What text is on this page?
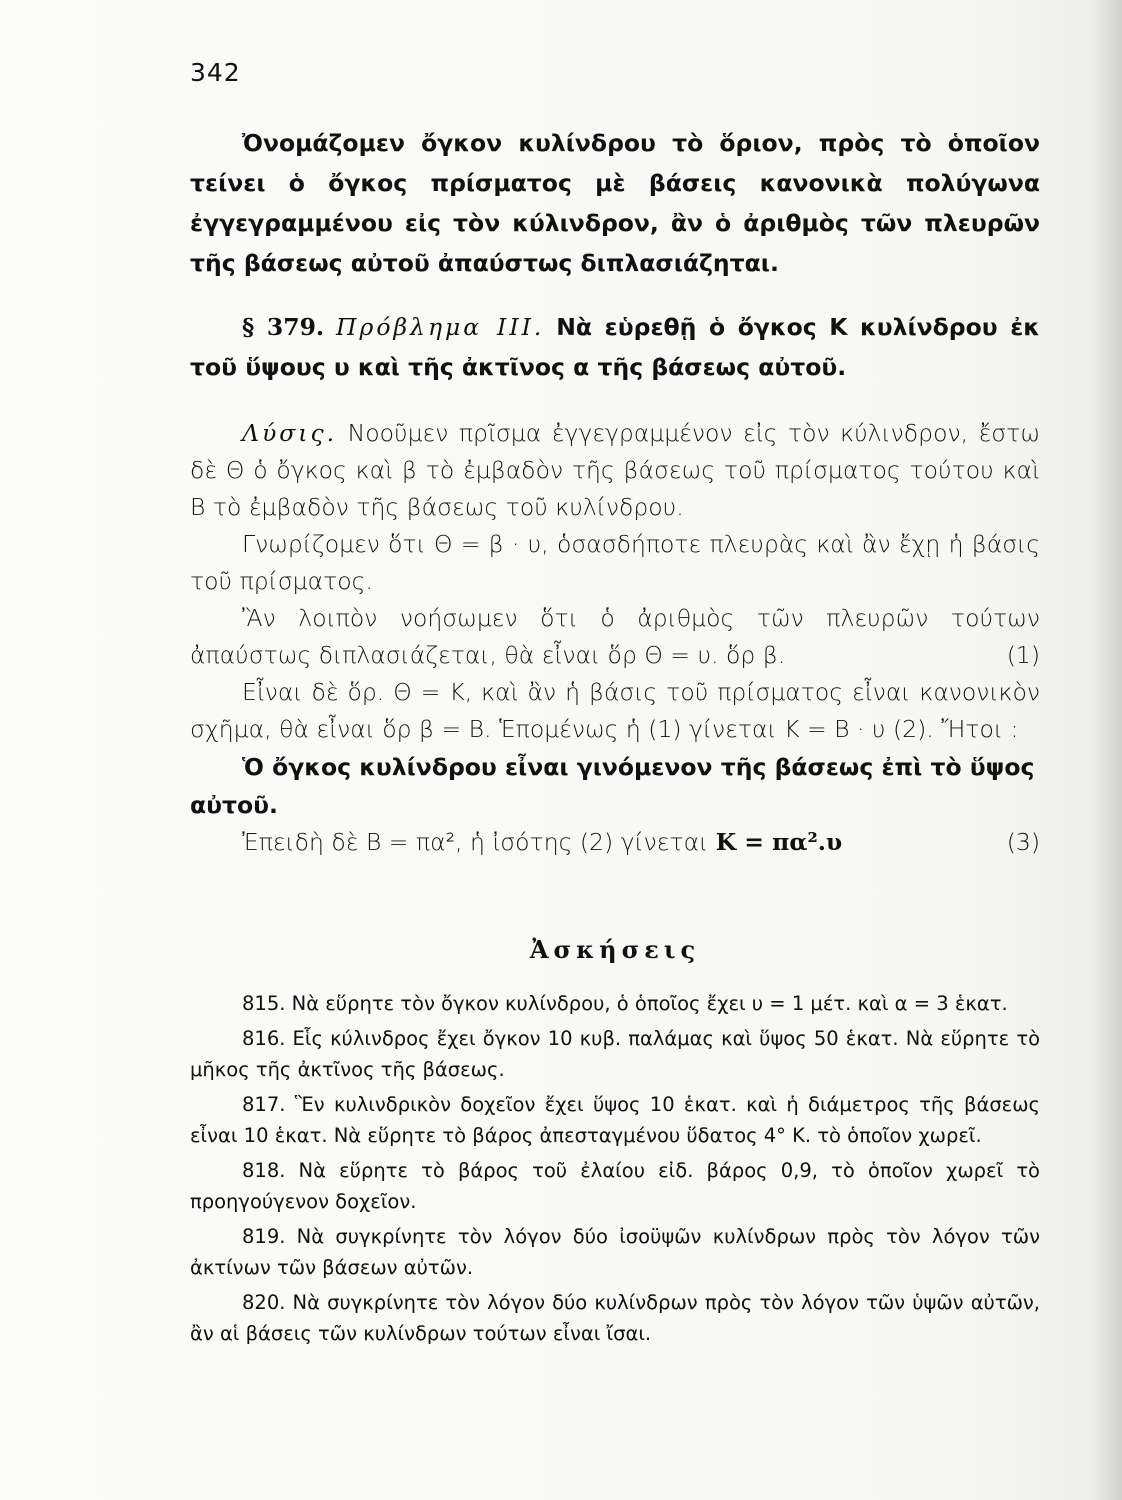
342

Ὀνομάζομεν ὄγκον κυλίνδρου τὸ ὅριον, πρὸς τὸ ὁποῖον τείνει ὁ ὄγκος πρίσματος μὲ βάσεις κανονικὰ πολύγωνα ἐγγεγραμμένου εἰς τὸν κύλινδρον, ἂν ὁ ἀριθμὸς τῶν πλευρῶν τῆς βάσεως αὐτοῦ ἀπαύστως διπλασιάζηται.

§ 379. Πρόβλημα III. Νὰ εὑρεθῇ ὁ ὄγκος Κ κυλίνδρου ἐκ τοῦ ὕψους υ καὶ τῆς ἀκτῖνος α τῆς βάσεως αὐτοῦ.

Λύσις. Νοοῦμεν πρῖσμα ἐγγεγραμμένον εἰς τὸν κύλινδρον, ἔστω δὲ Θ ὁ ὄγκος καὶ β τὸ ἐμβαδὸν τῆς βάσεως τοῦ πρίσματος τούτου καὶ Β τὸ ἐμβαδὸν τῆς βάσεως τοῦ κυλίνδρου.

Γνωρίζομεν ὅτι Θ = β · υ, ὁσασδήποτε πλευρὰς καὶ ἂν ἔχῃ ἡ βάσις τοῦ πρίσματος.

Ἂν λοιπὸν νοήσωμεν ὅτι ὁ ἀριθμὸς τῶν πλευρῶν τούτων ἀπαύστως διπλασιάζεται, θὰ εἶναι ὅρ Θ = υ. ὅρ β.	(1)

Εἶναι δὲ ὅρ. Θ = Κ, καὶ ἂν ἡ βάσις τοῦ πρίσματος εἶναι κανονικὸν σχῆμα, θὰ εἶναι ὅρ β = Β. Ἑπομένως ἡ (1) γίνεται Κ = Β · υ (2). Ἤτοι :

Ὁ ὄγκος κυλίνδρου εἶναι γινόμενον τῆς βάσεως ἐπὶ τὸ ὕψος αὐτοῦ.

Ἐπειδὴ δὲ Β = πα², ἡ ἰσότης (2) γίνεται Κ = πα².υ	(3)

Ἀσκήσεις

815. Νὰ εὕρητε τὸν ὄγκον κυλίνδρου, ὁ ὁποῖος ἔχει υ = 1 μέτ. καὶ α = 3 ἑκατ.

816. Εἷς κύλινδρος ἔχει ὄγκον 10 κυβ. παλάμας καὶ ὕψος 50 ἑκατ. Νὰ εὕρητε τὸ μῆκος τῆς ἀκτῖνος τῆς βάσεως.

817. Ἓν κυλινδρικὸν δοχεῖον ἔχει ὕψος 10 ἑκατ. καὶ ἡ διάμετρος τῆς βάσεως εἶναι 10 ἑκατ. Νὰ εὕρητε τὸ βάρος ἀπεσταγμένου ὕδατος 4° Κ. τὸ ὁποῖον χωρεῖ.

818. Νὰ εὕρητε τὸ βάρος τοῦ ἐλαίου εἰδ. βάρος 0,9, τὸ ὁποῖον χωρεῖ τὸ προηγούγενον δοχεῖον.

819. Νὰ συγκρίνητε τὸν λόγον δύο ἰσοϋψῶν κυλίνδρων πρὸς τὸν λόγον τῶν ἀκτίνων τῶν βάσεων αὐτῶν.

820. Νὰ συγκρίνητε τὸν λόγον δύο κυλίνδρων πρὸς τὸν λόγον τῶν ὑψῶν αὐτῶν, ἂν αἱ βάσεις τῶν κυλίνδρων τούτων εἶναι ἴσαι.
